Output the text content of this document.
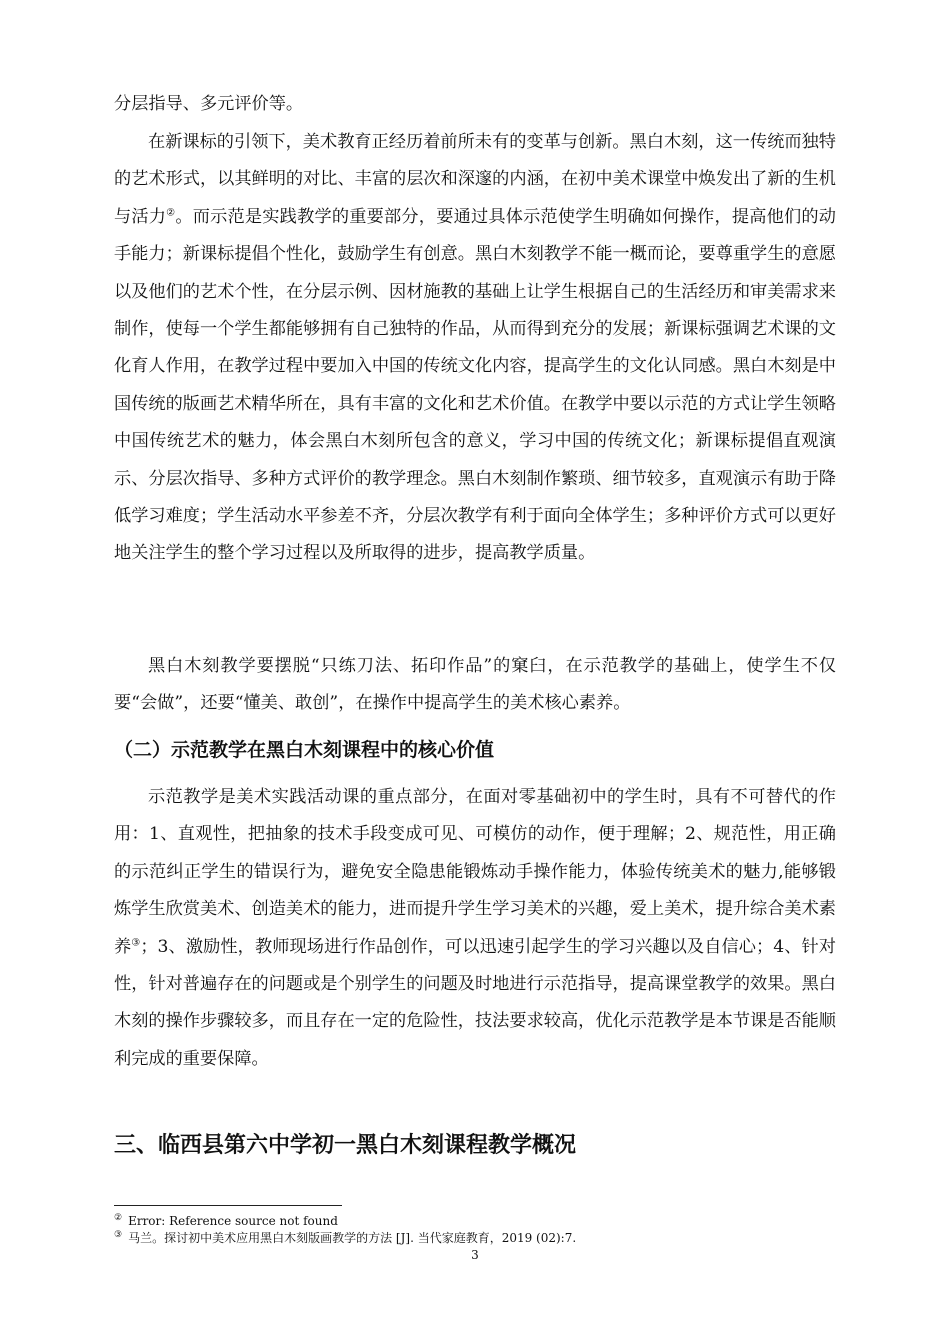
分层指导、多元评价等。

在新课标的引领下，美术教育正经历着前所未有的变革与创新。黑白木刻，这一传统而独特的艺术形式，以其鲜明的对比、丰富的层次和深邃的内涵，在初中美术课堂中焕发出了新的生机与活力②。而示范是实践教学的重要部分，要通过具体示范使学生明确如何操作，提高他们的动手能力；新课标提倡个性化，鼓励学生有创意。黑白木刻教学不能一概而论，要尊重学生的意愿以及他们的艺术个性，在分层示例、因材施教的基础上让学生根据自己的生活经历和审美需求来制作，使每一个学生都能够拥有自己独特的作品，从而得到充分的发展；新课标强调艺术课的文化育人作用，在教学过程中要加入中国的传统文化内容，提高学生的文化认同感。黑白木刻是中国传统的版画艺术精华所在，具有丰富的文化和艺术价值。在教学中要以示范的方式让学生领略中国传统艺术的魅力，体会黑白木刻所包含的意义，学习中国的传统文化；新课标提倡直观演示、分层次指导、多种方式评价的教学理念。黑白木刻制作繁琐、细节较多，直观演示有助于降低学习难度；学生活动水平参差不齐，分层次教学有利于面向全体学生；多种评价方式可以更好地关注学生的整个学习过程以及所取得的进步，提高教学质量。

黑白木刻教学要摆脱“只练刀法、拓印作品”的窠臼，在示范教学的基础上，使学生不仅要“会做”，还要“懂美、敢创”，在操作中提高学生的美术核心素养。

（二）示范教学在黑白木刻课程中的核心价值

示范教学是美术实践活动课的重点部分，在面对零基础初中的学生时，具有不可替代的作用：1、直观性，把抽象的技术手段变成可见、可模仿的动作，便于理解；2、规范性，用正确的示范纠正学生的错误行为，避免安全隐患能锻炼动手操作能力，体验传统美术的魅力,能够锻炼学生欣赏美术、创造美术的能力，进而提升学生学习美术的兴趣，爱上美术，提升综合美术素养③；3、激励性，教师现场进行作品创作，可以迅速引起学生的学习兴趣以及自信心；4、针对性，针对普遍存在的问题或是个别学生的问题及时地进行示范指导，提高课堂教学的效果。黑白木刻的操作步骤较多，而且存在一定的危险性，技法要求较高，优化示范教学是本节课是否能顺利完成的重要保障。

三、临西县第六中学初一黑白木刻课程教学概况

② Error: Reference source not found

③ 马兰。探讨初中美术应用黑白木刻版画教学的方法 [J]. 当代家庭教育，2019 (02):7.

3
